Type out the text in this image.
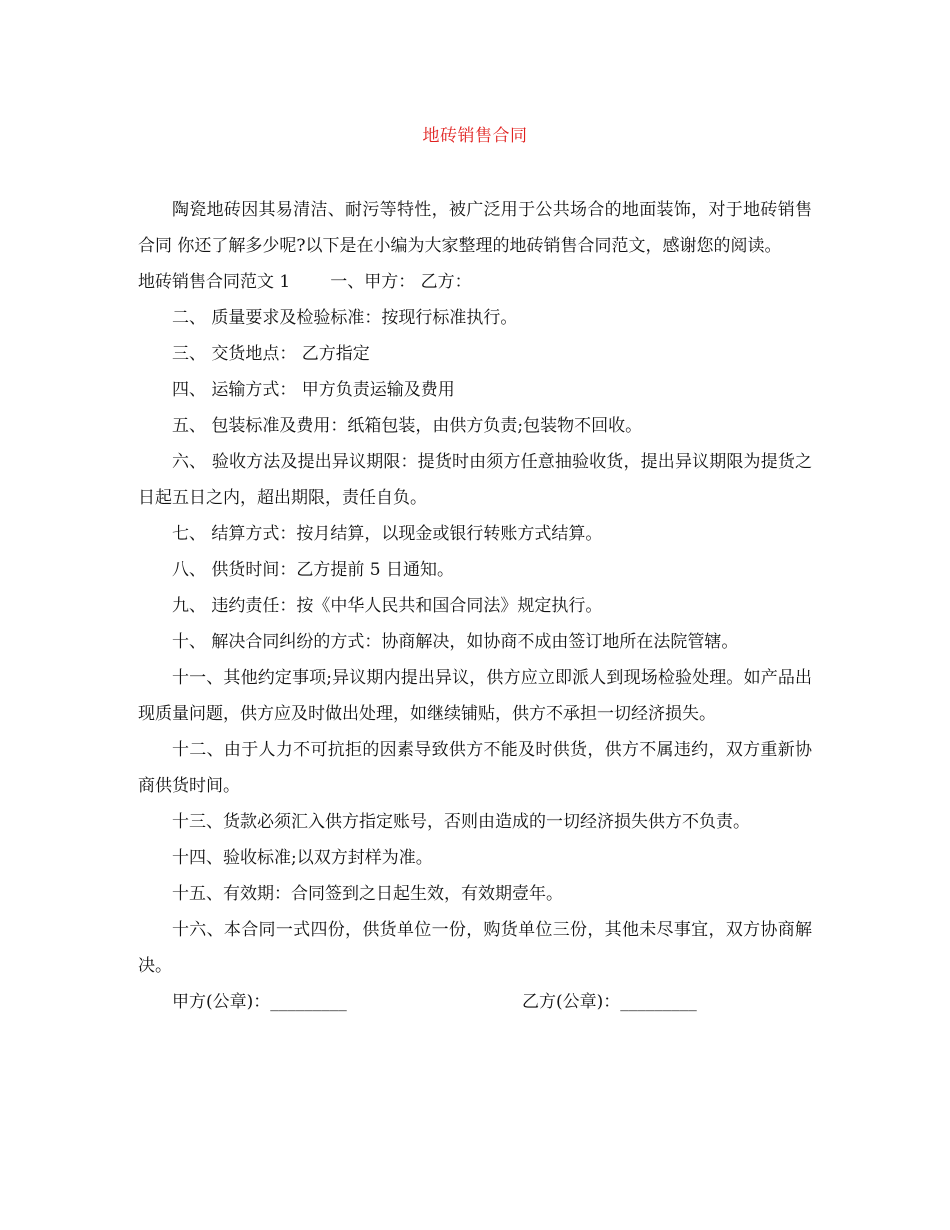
地砖销售合同

陶瓷地砖因其易清洁、耐污等特性，被广泛用于公共场合的地面装饰，对于地砖销售合同 你还了解多少呢?以下是在小编为大家整理的地砖销售合同范文，感谢您的阅读。

地砖销售合同范文 1 一、甲方： 乙方：

二、 质量要求及检验标准：按现行标准执行。

三、 交货地点： 乙方指定

四、 运输方式： 甲方负责运输及费用

五、 包装标准及费用：纸箱包装，由供方负责;包装物不回收。

六、 验收方法及提出异议期限：提货时由须方任意抽验收货，提出异议期限为提货之日起五日之内，超出期限，责任自负。

七、 结算方式：按月结算，以现金或银行转账方式结算。

八、 供货时间：乙方提前 5 日通知。

九、 违约责任：按《中华人民共和国合同法》规定执行。

十、 解决合同纠纷的方式：协商解决，如协商不成由签订地所在法院管辖。

十一、其他约定事项;异议期内提出异议，供方应立即派人到现场检验处理。如产品出现质量问题，供方应及时做出处理，如继续铺贴，供方不承担一切经济损失。

十二、由于人力不可抗拒的因素导致供方不能及时供货，供方不属违约，双方重新协商供货时间。

十三、货款必须汇入供方指定账号，否则由造成的一切经济损失供方不负责。

十四、验收标准;以双方封样为准。

十五、有效期：合同签到之日起生效，有效期壹年。

十六、本合同一式四份，供货单位一份，购货单位三份，其他未尽事宜，双方协商解决。

甲方(公章)：_________	乙方(公章)：_________
